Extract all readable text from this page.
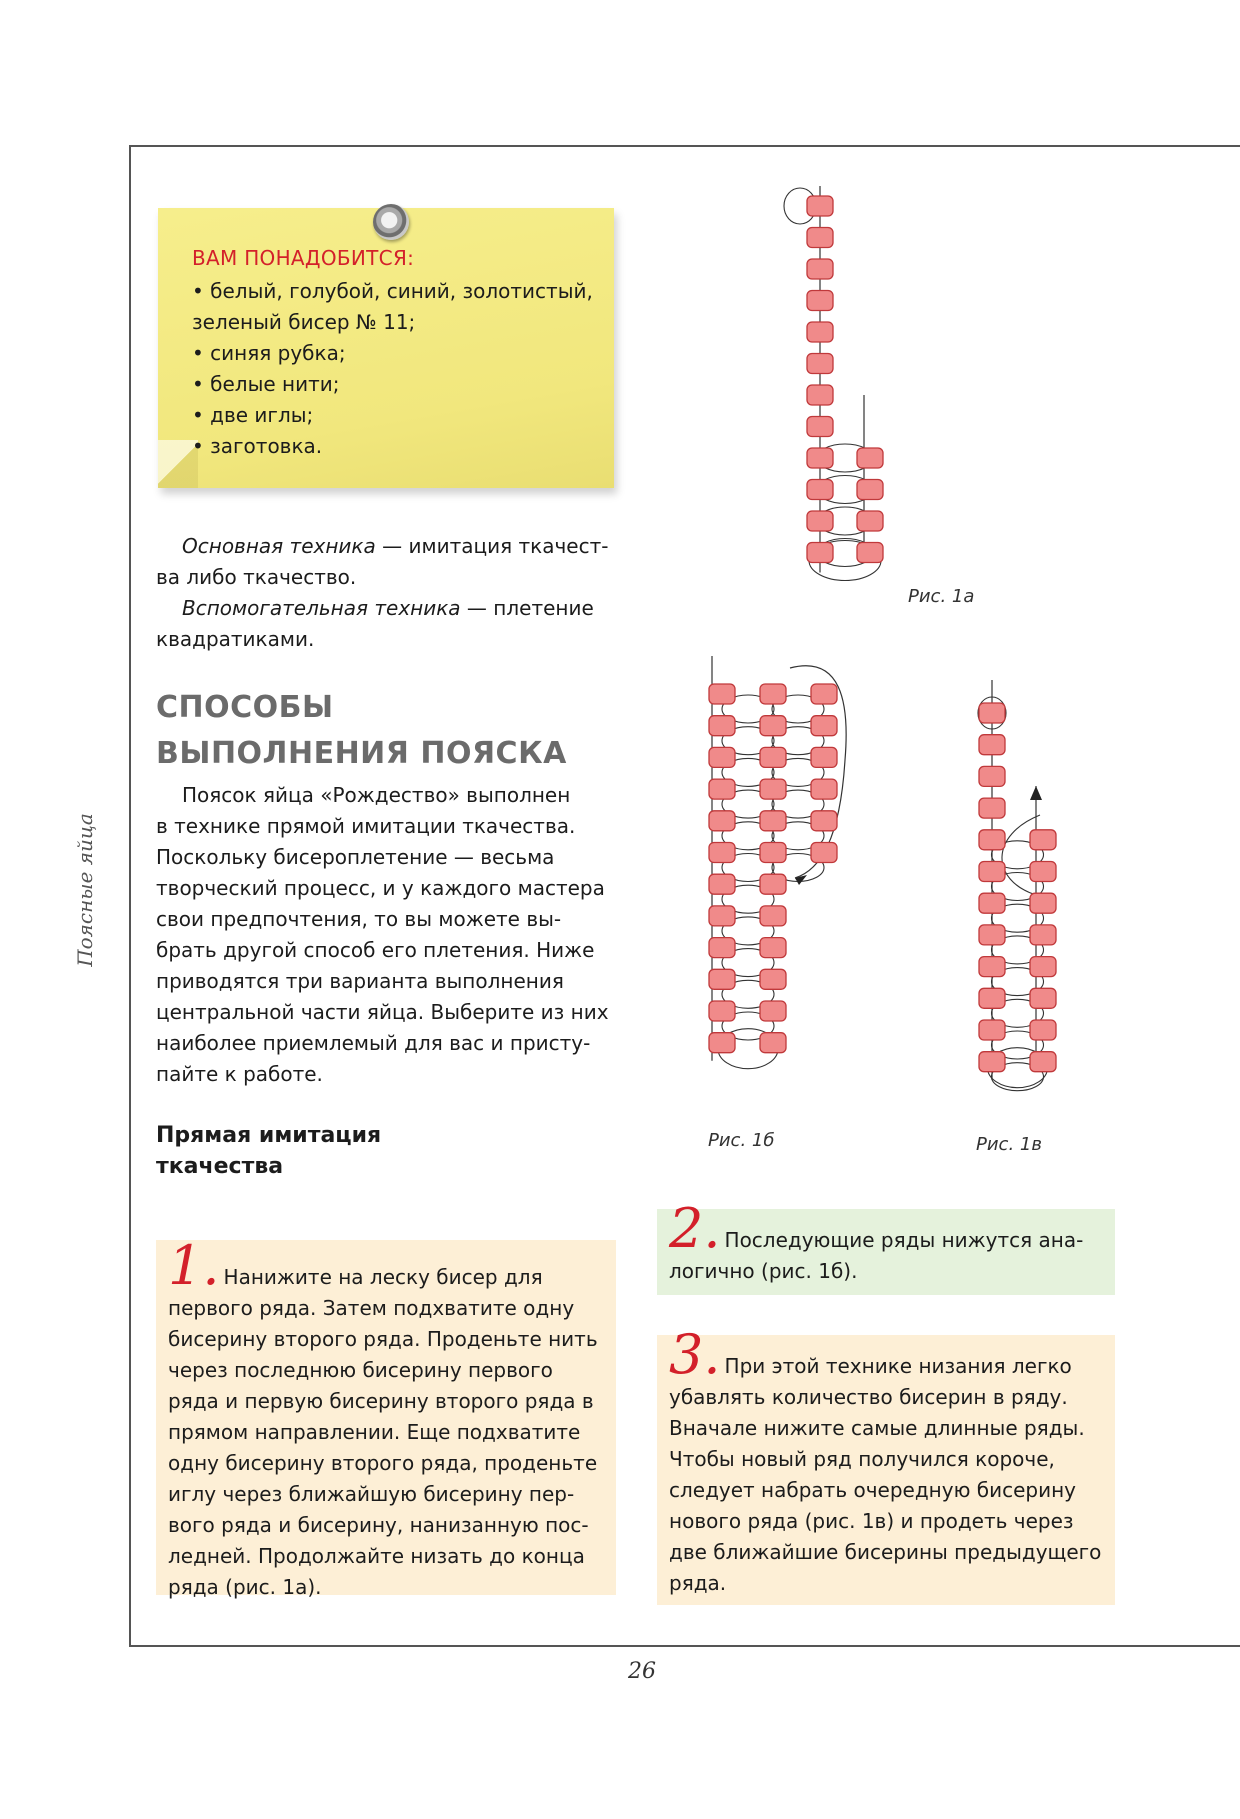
Поясные яйца
ВАМ ПОНАДОБИТСЯ:
• белый, голубой, синий, золотистый,
зеленый бисер № 11;
• синяя рубка;
• белые нити;
• две иглы;
• заготовка.

Основная техника — имитация ткачест-
ва либо ткачество.
Вспомогательная техника — плетение
квадратиками.

СПОСОБЫ ВЫПОЛНЕНИЯ ПОЯСКА

Поясок яйца «Рождество» выполнен
в технике прямой имитации ткачества.
Поскольку бисероплетение — весьма
творческий процесс, и у каждого мастера
свои предпочтения, то вы можете вы-
брать другой способ его плетения. Ниже
приводятся три варианта выполнения
центральной части яйца. Выберите из них
наиболее приемлемый для вас и присту-
пайте к работе.

Прямая имитация ткачества

1. Нанижите на леску бисер для
первого ряда. Затем подхватите одну
бисерину второго ряда. Проденьте нить
через последнюю бисерину первого
ряда и первую бисерину второго ряда в
прямом направлении. Еще подхватите
одну бисерину второго ряда, проденьте
иглу через ближайшую бисерину пер-
вого ряда и бисерину, нанизанную пос-
ледней. Продолжайте низать до конца
ряда (рис. 1а).

2. Последующие ряды нижутся ана-
логично (рис. 1б).

3. При этой технике низания легко
убавлять количество бисерин в ряду.
Вначале нижите самые длинные ряды.
Чтобы новый ряд получился короче,
следует набрать очередную бисерину
нового ряда (рис. 1в) и продеть через
две ближайшие бисерины предыдущего
ряда.

Рис. 1а
Рис. 1б	Рис. 1в
26
